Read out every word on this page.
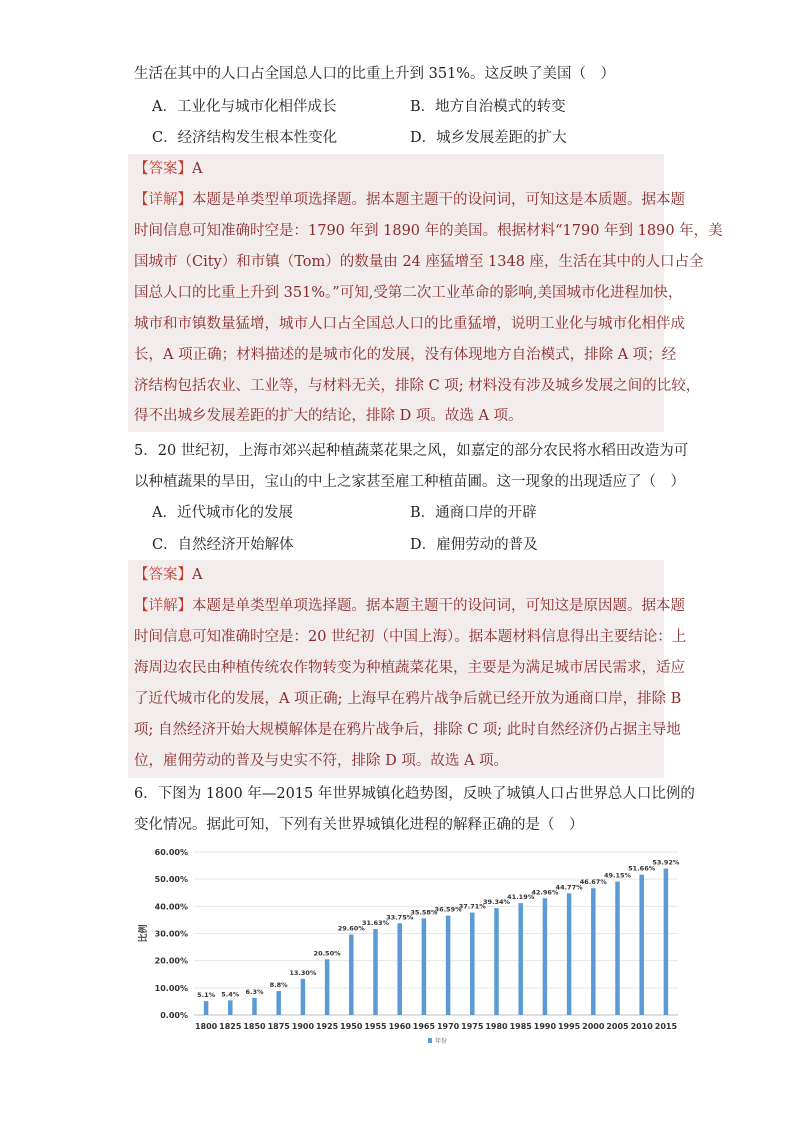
生活在其中的人口占全国总人口的比重上升到 351%。这反映了美国（　）
A．工业化与城市化相伴成长	B．地方自治模式的转变
C．经济结构发生根本性变化	D．城乡发展差距的扩大
【答案】A
【详解】本题是单类型单项选择题。据本题主题干的设问词，可知这是本质题。据本题
时间信息可知准确时空是：1790 年到 1890 年的美国。根据材料“1790 年到 1890 年，美
国城市（City）和市镇（Tom）的数量由 24 座猛增至 1348 座，生活在其中的人口占全
国总人口的比重上升到 351%。”可知,受第二次工业革命的影响,美国城市化进程加快，
城市和市镇数量猛增，城市人口占全国总人口的比重猛增，说明工业化与城市化相伴成
长，A 项正确；材料描述的是城市化的发展，没有体现地方自治模式，排除 A 项；经
济结构包括农业、工业等，与材料无关，排除 C 项; 材料没有涉及城乡发展之间的比较，
得不出城乡发展差距的扩大的结论，排除 D 项。故选 A 项。
5．20 世纪初，上海市郊兴起种植蔬菜花果之风，如嘉定的部分农民将水稻田改造为可
以种植蔬果的旱田，宝山的中上之家甚至雇工种植苗圃。这一现象的出现适应了（　）
A．近代城市化的发展	B．通商口岸的开辟
C．自然经济开始解体	D．雇佣劳动的普及
【答案】A
【详解】本题是单类型单项选择题。据本题主题干的设问词，可知这是原因题。据本题
时间信息可知准确时空是：20 世纪初（中国上海）。据本题材料信息得出主要结论：上
海周边农民由种植传统农作物转变为种植蔬菜花果，主要是为满足城市居民需求，适应
了近代城市化的发展，A 项正确; 上海早在鸦片战争后就已经开放为通商口岸，排除 B
项; 自然经济开始大规模解体是在鸦片战争后，排除 C 项; 此时自然经济仍占据主导地
位，雇佣劳动的普及与史实不符，排除 D 项。故选 A 项。
6．下图为 1800 年—2015 年世界城镇化趋势图，反映了城镇人口占世界总人口比例的
变化情况。据此可知，下列有关世界城镇化进程的解释正确的是（　）
0.00%
10.00%
20.00%
30.00%
40.00%
50.00%
60.00%
比例
5.1%
1800
5.4%
1825
6.3%
1850
8.8%
1875
13.30%
1900
20.50%
1925
29.60%
1950
31.63%
1955
33.75%
1960
35.58%
1965
36.59%
1970
37.71%
1975
39.34%
1980
41.19%
1985
42.96%
1990
44.77%
1995
46.67%
2000
49.15%
2005
51.66%
2010
53.92%
2015
年份
